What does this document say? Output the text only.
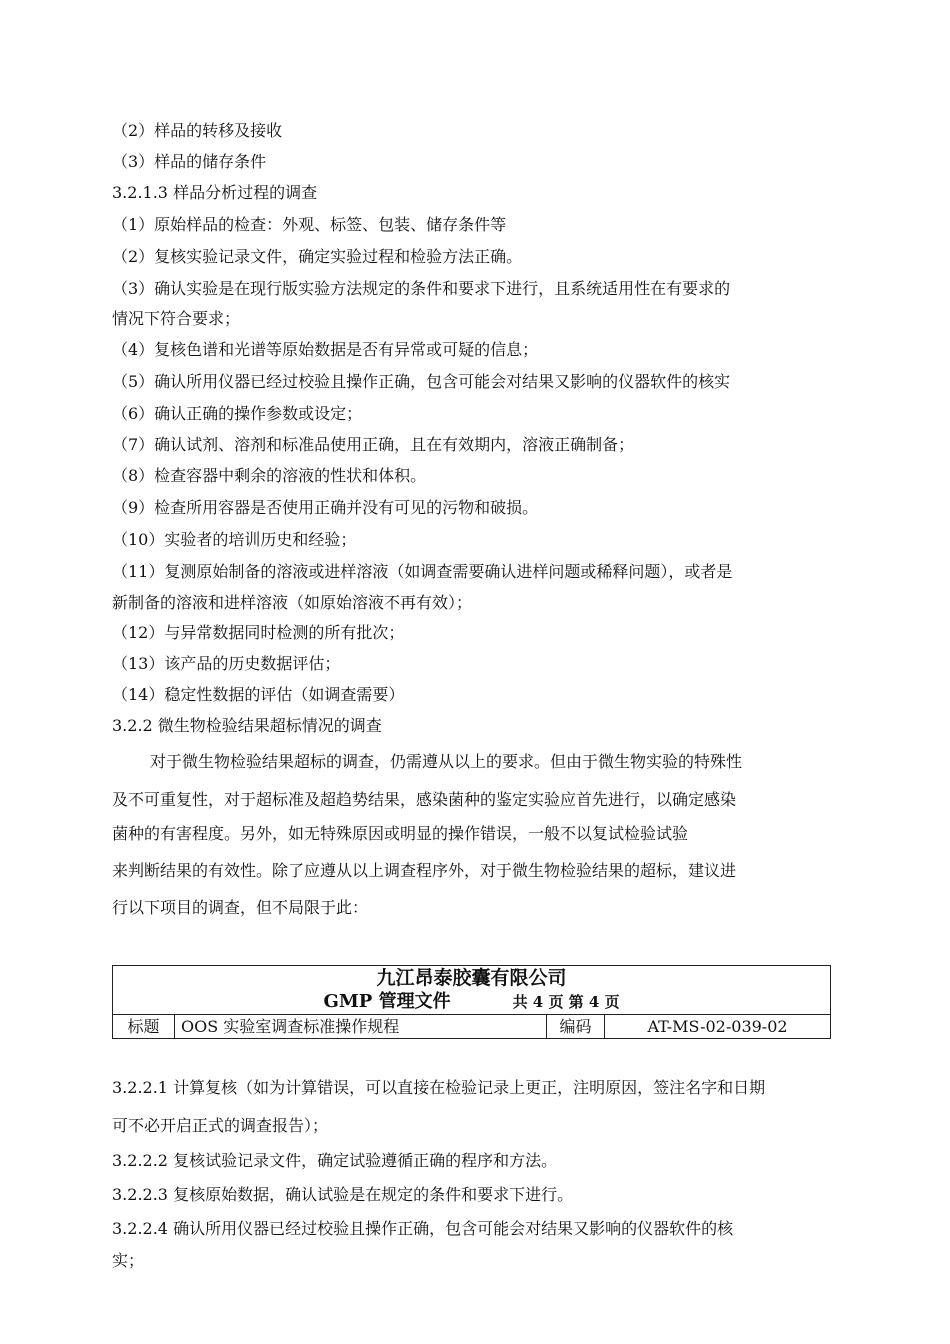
（2）样品的转移及接收
（3）样品的储存条件
3.2.1.3 样品分析过程的调查
（1）原始样品的检查：外观、标签、包装、储存条件等
（2）复核实验记录文件，确定实验过程和检验方法正确。
（3）确认实验是在现行版实验方法规定的条件和要求下进行，且系统适用性在有要求的
情况下符合要求；
（4）复核色谱和光谱等原始数据是否有异常或可疑的信息；
（5）确认所用仪器已经过校验且操作正确，包含可能会对结果又影响的仪器软件的核实
（6）确认正确的操作参数或设定；
（7）确认试剂、溶剂和标准品使用正确，且在有效期内，溶液正确制备；
（8）检查容器中剩余的溶液的性状和体积。
（9）检查所用容器是否使用正确并没有可见的污物和破损。
（10）实验者的培训历史和经验；
（11）复测原始制备的溶液或进样溶液（如调查需要确认进样问题或稀释问题），或者是
新制备的溶液和进样溶液（如原始溶液不再有效）；
（12）与异常数据同时检测的所有批次；
（13）该产品的历史数据评估；
（14）稳定性数据的评估（如调查需要）
3.2.2 微生物检验结果超标情况的调查
对于微生物检验结果超标的调查，仍需遵从以上的要求。但由于微生物实验的特殊性
及不可重复性，对于超标准及超趋势结果，感染菌种的鉴定实验应首先进行，以确定感染
菌种的有害程度。另外，如无特殊原因或明显的操作错误，一般不以复试检验试验
来判断结果的有效性。除了应遵从以上调查程序外，对于微生物检验结果的超标，建议进
行以下项目的调查，但不局限于此：
九江昂泰胶囊有限公司
GMP 管理文件	共 4 页 第 4 页

标题	OOS 实验室调查标准操作规程	编码	AT-MS-02-039-02
3.2.2.1 计算复核（如为计算错误，可以直接在检验记录上更正，注明原因，签注名字和日期
可不必开启正式的调查报告）；
3.2.2.2 复核试验记录文件，确定试验遵循正确的程序和方法。
3.2.2.3 复核原始数据，确认试验是在规定的条件和要求下进行。
3.2.2.4 确认所用仪器已经过校验且操作正确，包含可能会对结果又影响的仪器软件的核
实；
